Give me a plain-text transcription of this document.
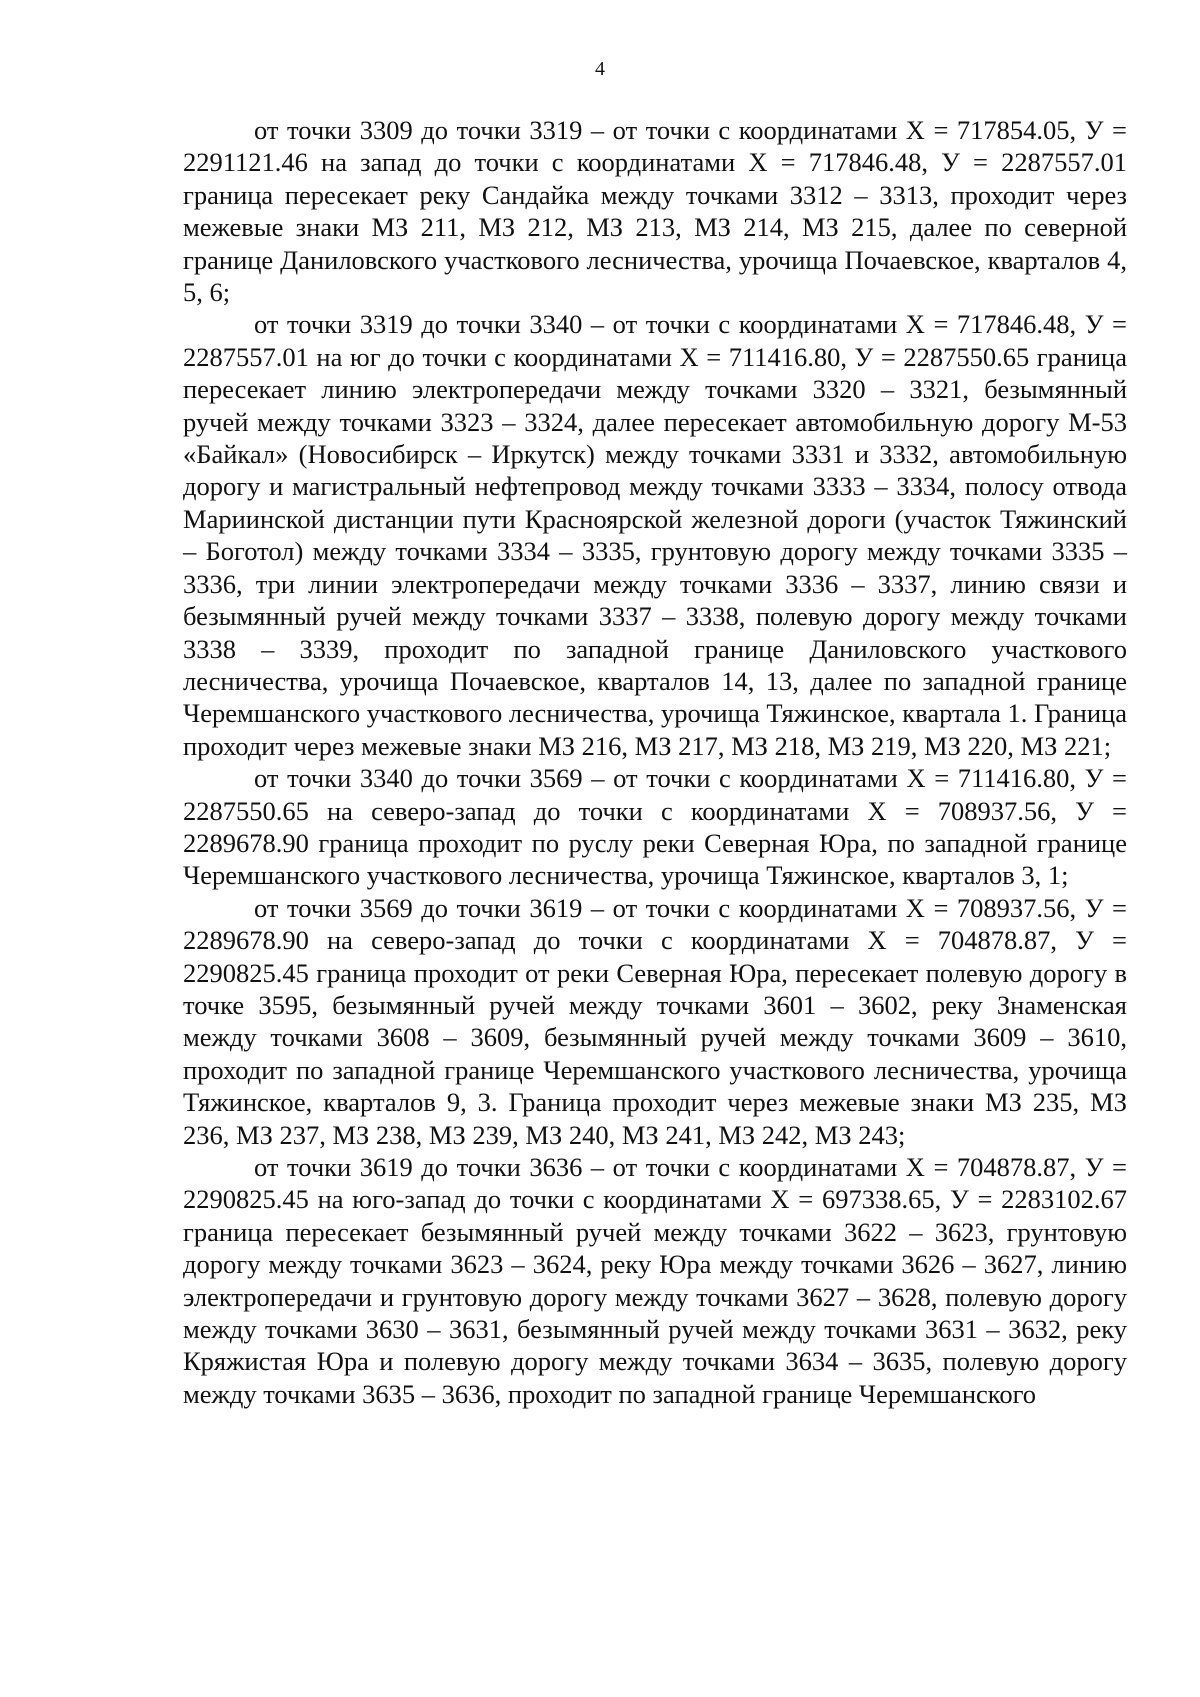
4

от точки 3309 до точки 3319 – от точки с координатами Х = 717854.05, У = 2291121.46 на запад до точки с координатами Х = 717846.48, У = 2287557.01 граница пересекает реку Сандайка между точками 3312 – 3313, проходит через межевые знаки МЗ 211, МЗ 212, МЗ 213, МЗ 214, МЗ 215, далее по северной границе Даниловского участкового лесничества, урочища Почаевское, кварталов 4, 5, 6;

от точки 3319 до точки 3340 – от точки с координатами Х = 717846.48, У = 2287557.01 на юг до точки с координатами Х = 711416.80, У = 2287550.65 граница пересекает линию электропередачи между точками 3320 – 3321, безымянный ручей между точками 3323 – 3324, далее пересекает автомобильную дорогу М-53 «Байкал» (Новосибирск – Иркутск) между точками 3331 и 3332, автомобильную дорогу и магистральный нефтепровод между точками 3333 – 3334, полосу отвода Мариинской дистанции пути Красноярской железной дороги (участок Тяжинский – Боготол) между точками 3334 – 3335, грунтовую дорогу между точками 3335 – 3336, три линии электропередачи между точками 3336 – 3337, линию связи и безымянный ручей между точками 3337 – 3338, полевую дорогу между точками 3338 – 3339, проходит по западной границе Даниловского участкового лесничества, урочища Почаевское, кварталов 14, 13, далее по западной границе Черемшанского участкового лесничества, урочища Тяжинское, квартала 1. Граница проходит через межевые знаки МЗ 216, МЗ 217, МЗ 218, МЗ 219, МЗ 220, МЗ 221;

от точки 3340 до точки 3569 – от точки с координатами Х = 711416.80, У = 2287550.65 на северо-запад до точки с координатами Х = 708937.56, У = 2289678.90 граница проходит по руслу реки Северная Юра, по западной границе Черемшанского участкового лесничества, урочища Тяжинское, кварталов 3, 1;

от точки 3569 до точки 3619 – от точки с координатами Х = 708937.56, У = 2289678.90 на северо-запад до точки с координатами Х = 704878.87, У = 2290825.45 граница проходит от реки Северная Юра, пересекает полевую дорогу в точке 3595, безымянный ручей между точками 3601 – 3602, реку Знаменская между точками 3608 – 3609, безымянный ручей между точками 3609 – 3610, проходит по западной границе Черемшанского участкового лесничества, урочища Тяжинское, кварталов 9, 3. Граница проходит через межевые знаки МЗ 235, МЗ 236, МЗ 237, МЗ 238, МЗ 239, МЗ 240, МЗ 241, МЗ 242, МЗ 243;

от точки 3619 до точки 3636 – от точки с координатами Х = 704878.87, У = 2290825.45 на юго-запад до точки с координатами Х = 697338.65, У = 2283102.67 граница пересекает безымянный ручей между точками 3622 – 3623, грунтовую дорогу между точками 3623 – 3624, реку Юра между точками 3626 – 3627, линию электропередачи и грунтовую дорогу между точками 3627 – 3628, полевую дорогу между точками 3630 – 3631, безымянный ручей между точками 3631 – 3632, реку Кряжистая Юра и полевую дорогу между точками 3634 – 3635, полевую дорогу между точками 3635 – 3636, проходит по западной границе Черемшанского
